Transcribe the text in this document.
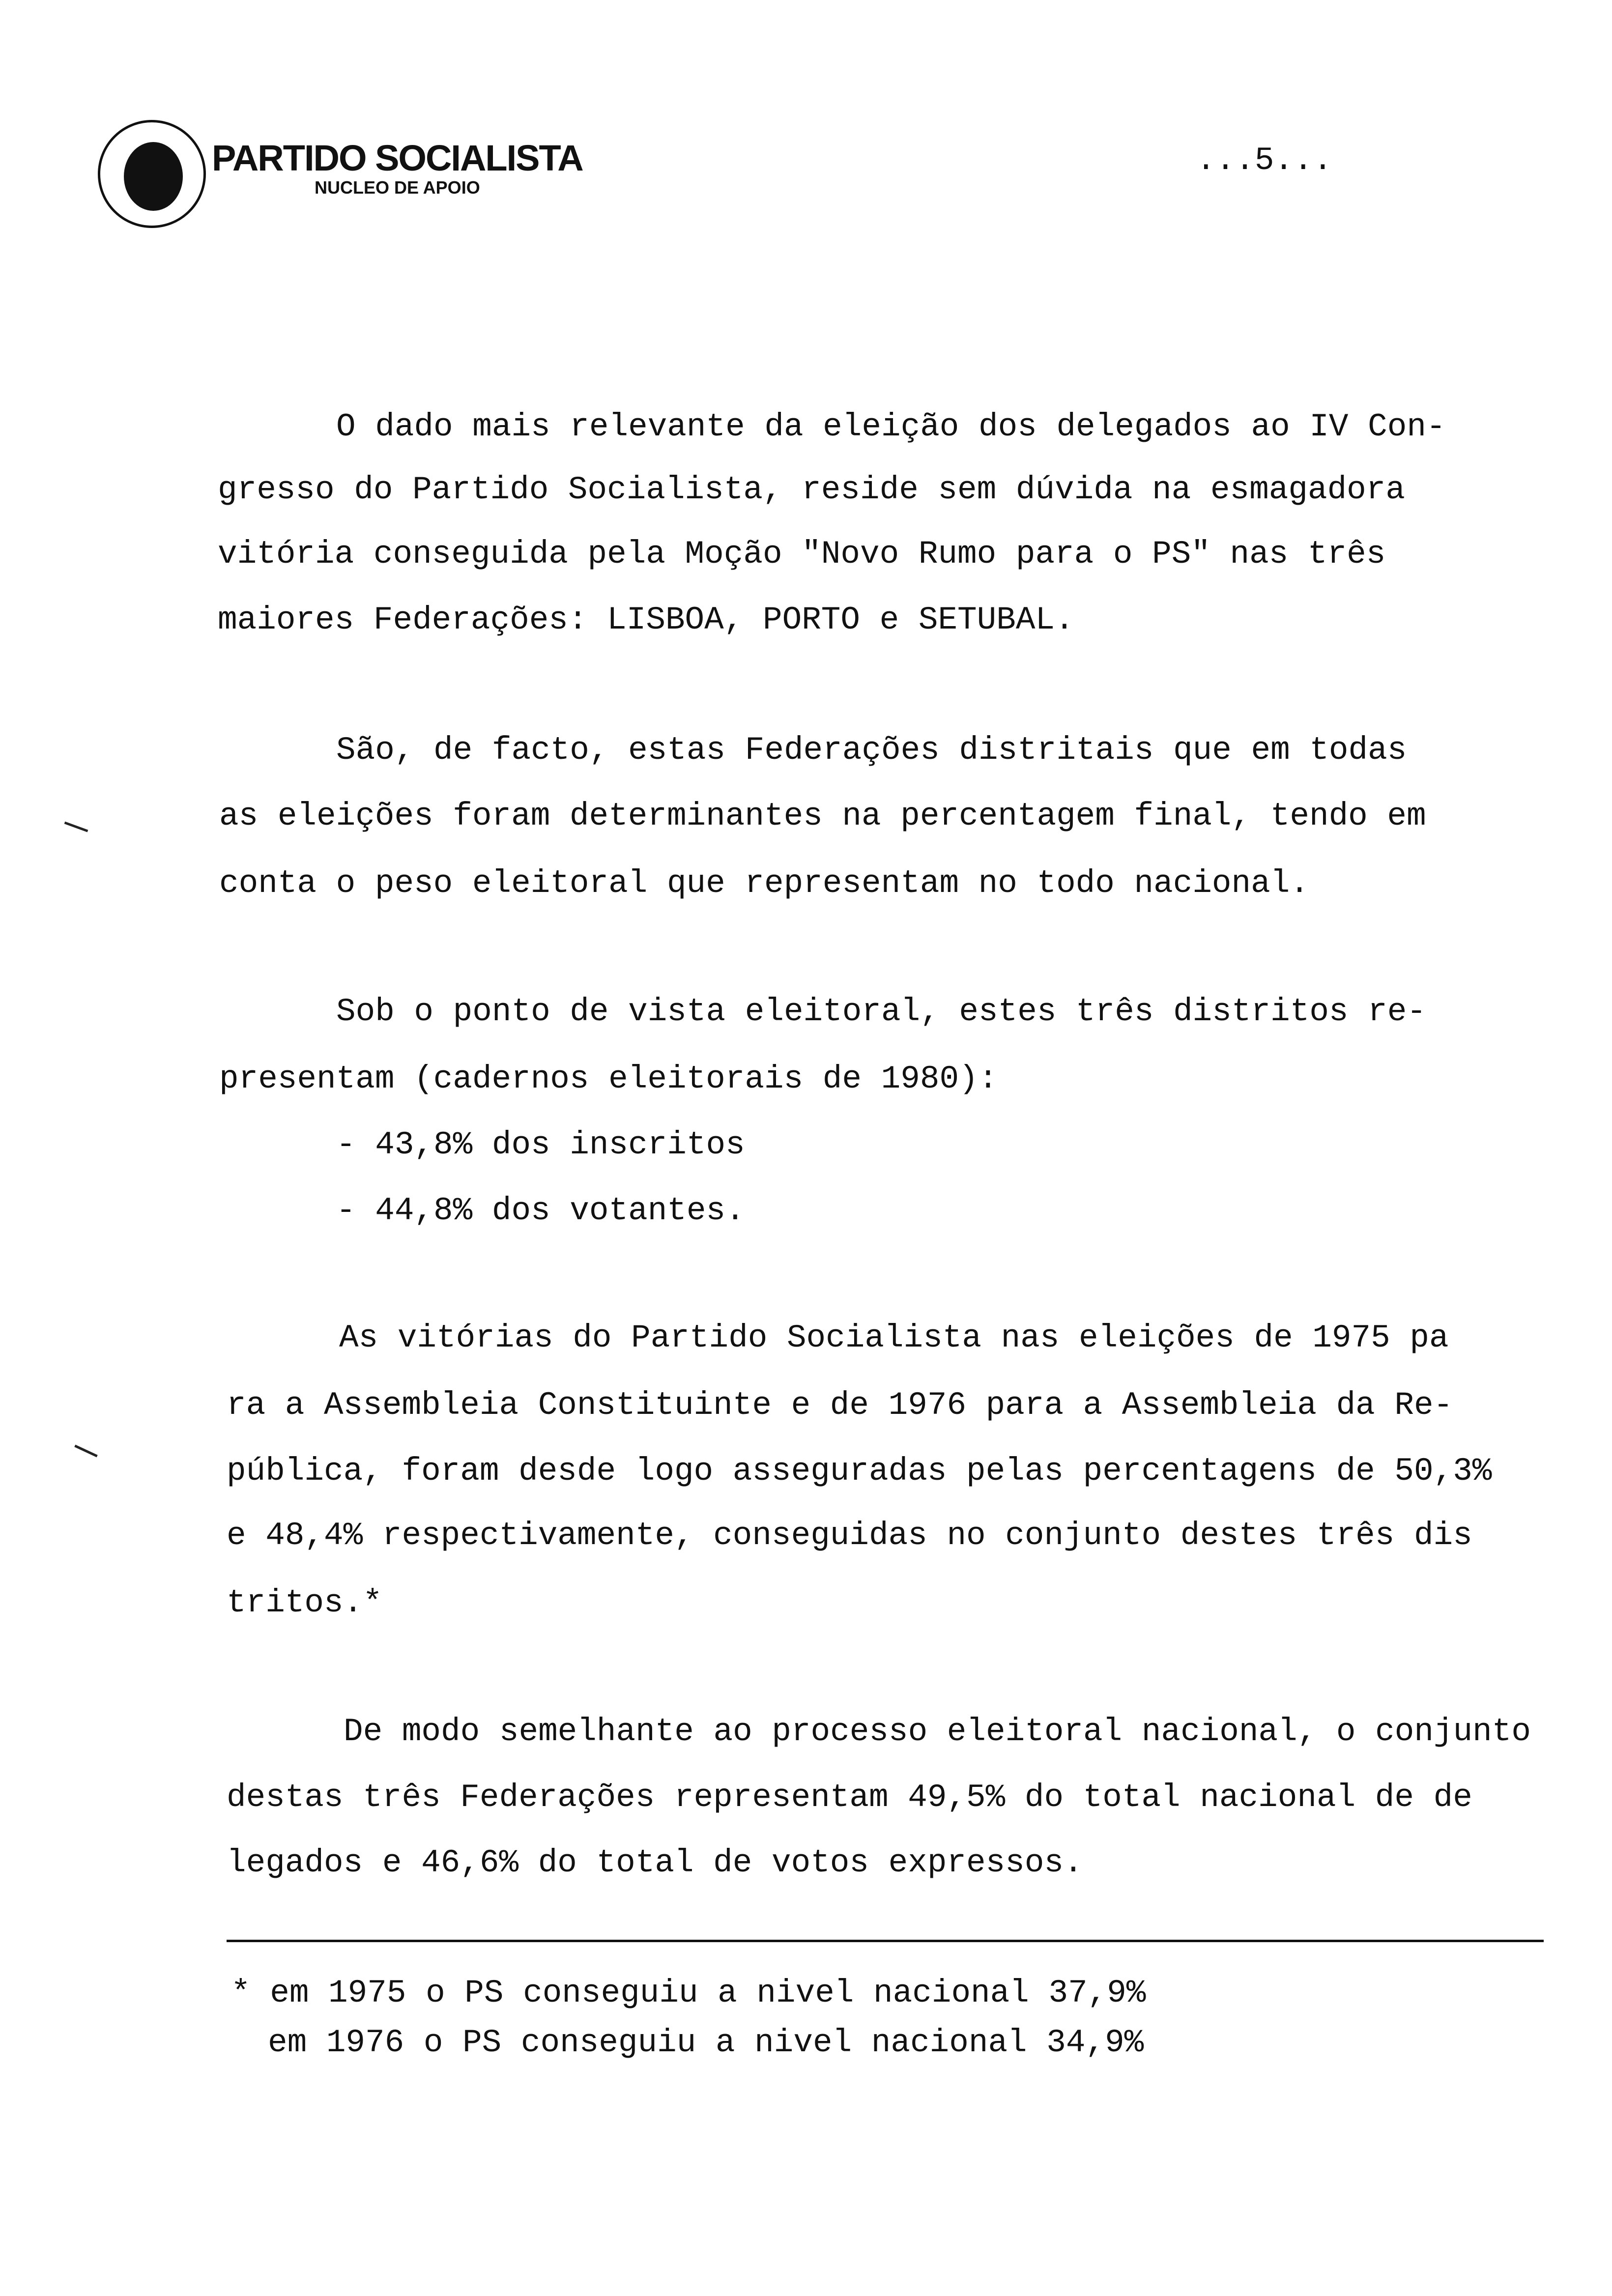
PARTIDO SOCIALISTA
NUCLEO DE APOIO
...5...
O dado mais relevante da eleição dos delegados ao IV Con-
gresso do Partido Socialista, reside sem dúvida na esmagadora
vitória conseguida pela Moção "Novo Rumo para o PS" nas três
maiores Federações: LISBOA, PORTO e SETUBAL.
São, de facto, estas Federações distritais que em todas
as eleições foram determinantes na percentagem final, tendo em
conta o peso eleitoral que representam no todo nacional.
Sob o ponto de vista eleitoral, estes três distritos re-
presentam (cadernos eleitorais de 1980):
- 43,8% dos inscritos
- 44,8% dos votantes.
As vitórias do Partido Socialista nas eleições de 1975 pa
ra a Assembleia Constituinte e de 1976 para a Assembleia da Re-
pública, foram desde logo asseguradas pelas percentagens de 50,3%
e 48,4% respectivamente, conseguidas no conjunto destes três dis
tritos.*
De modo semelhante ao processo eleitoral nacional, o conjunto
destas três Federações representam 49,5% do total nacional de de
legados e 46,6% do total de votos expressos.
* em 1975 o PS conseguiu a nivel nacional 37,9%
em 1976 o PS conseguiu a nivel nacional 34,9%
